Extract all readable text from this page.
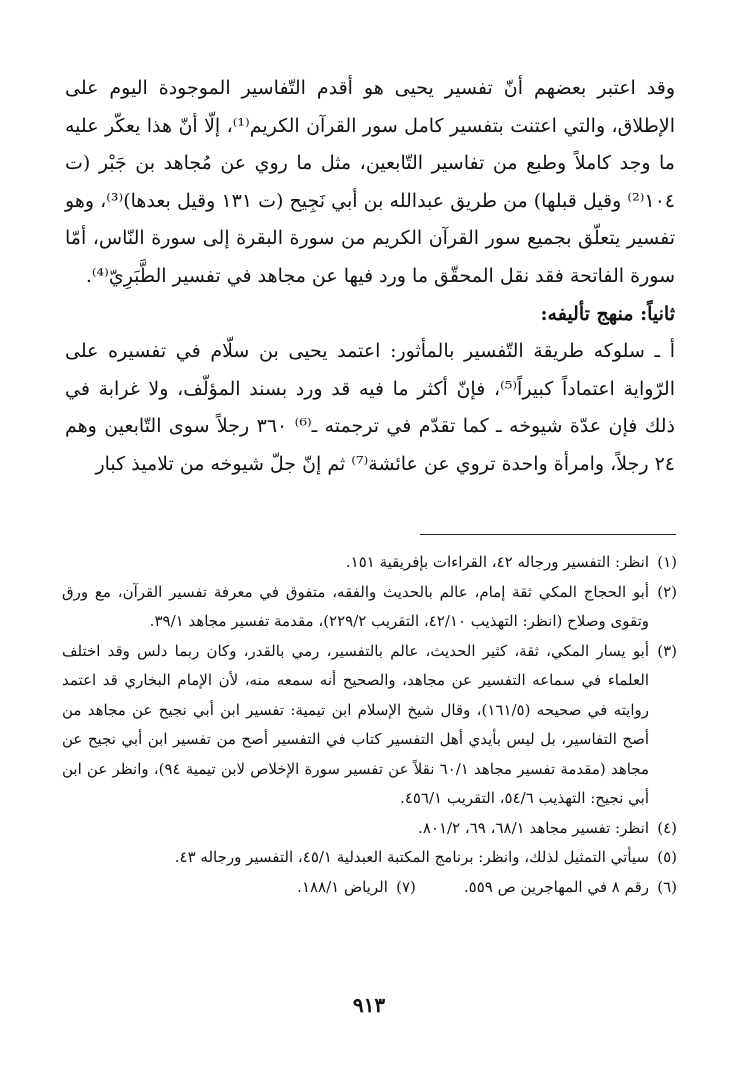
وقد اعتبر بعضهم أنّ تفسير يحيى هو أقدم التّفاسير الموجودة اليوم على الإطلاق، والتي اعتنت بتفسير كامل سور القرآن الكريم⁽¹⁾، إلّا أنّ هذا يعكّر عليه ما وجد كاملاً وطبع من تفاسير التّابعين، مثل ما روي عن مُجاهد بن جَبْر (ت ١٠٤⁽²⁾ وقيل قبلها) من طريق عبدالله بن أبي نَجِيح (ت ١٣١ وقيل بعدها)⁽³⁾، وهو تفسير يتعلّق بجميع سور القرآن الكريم من سورة البقرة إلى سورة النّاس، أمّا سورة الفاتحة فقد نقل المحقّق ما ورد فيها عن مجاهد في تفسير الطَّبَرِيّ⁽⁴⁾.

ثانياً: منهج تأليفه:

أ ـ سلوكه طريقة التّفسير بالمأثور: اعتمد يحيى بن سلّام في تفسيره على الرّواية اعتماداً كبيراً⁽⁵⁾، فإنّ أكثر ما فيه قد ورد بسند المؤلّف، ولا غرابة في ذلك فإن عدّة شيوخه ـ كما تقدّم في ترجمته ـ⁽⁶⁾ ٣٦٠ رجلاً سوى التّابعين وهم ٢٤ رجلاً، وامرأة واحدة تروي عن عائشة⁽⁷⁾ ثم إنّ جلّ شيوخه من تلاميذ كبار

(١)
انظر: التفسير ورجاله ٤٢، القراءات بإفريقية ١٥١.
(٢)
أبو الحجاج المكي ثقة إمام، عالم بالحديث والفقه، متفوق في معرفة تفسير القرآن، مع ورق وتقوى وصلاح (انظر: التهذيب ٤٢/١٠، التقريب ٢٢٩/٢)، مقدمة تفسير مجاهد ٣٩/١.
(٣)
أبو يسار المكي، ثقة، كثير الحديث، عالم بالتفسير، رمي بالقدر، وكان ربما دلس وقد اختلف العلماء في سماعه التفسير عن مجاهد، والصحيح أنه سمعه منه، لأن الإمام البخاري قد اعتمد روايته في صحيحه (١٦١/٥)، وقال شيخ الإسلام ابن تيمية: تفسير ابن أبي نجيح عن مجاهد من أصح التفاسير، بل ليس بأيدي أهل التفسير كتاب في التفسير أصح من تفسير ابن أبي نجيح عن مجاهد (مقدمة تفسير مجاهد ٦٠/١ نقلاً عن تفسير سورة الإخلاص لابن تيمية ٩٤)، وانظر عن ابن أبي نجيح: التهذيب ٥٤/٦، التقريب ٤٥٦/١.
(٤)
انظر: تفسير مجاهد ٦٨/١، ٦٩، ٨٠١/٢.
(٥)
سيأتي التمثيل لذلك، وانظر: برنامج المكتبة العبدلية ٤٥/١، التفسير ورجاله ٤٣.
(٦)
رقم ٨ في المهاجرين ص ٥٥٩.
(٧)
الرياض ١٨٨/١.
٩١٣
